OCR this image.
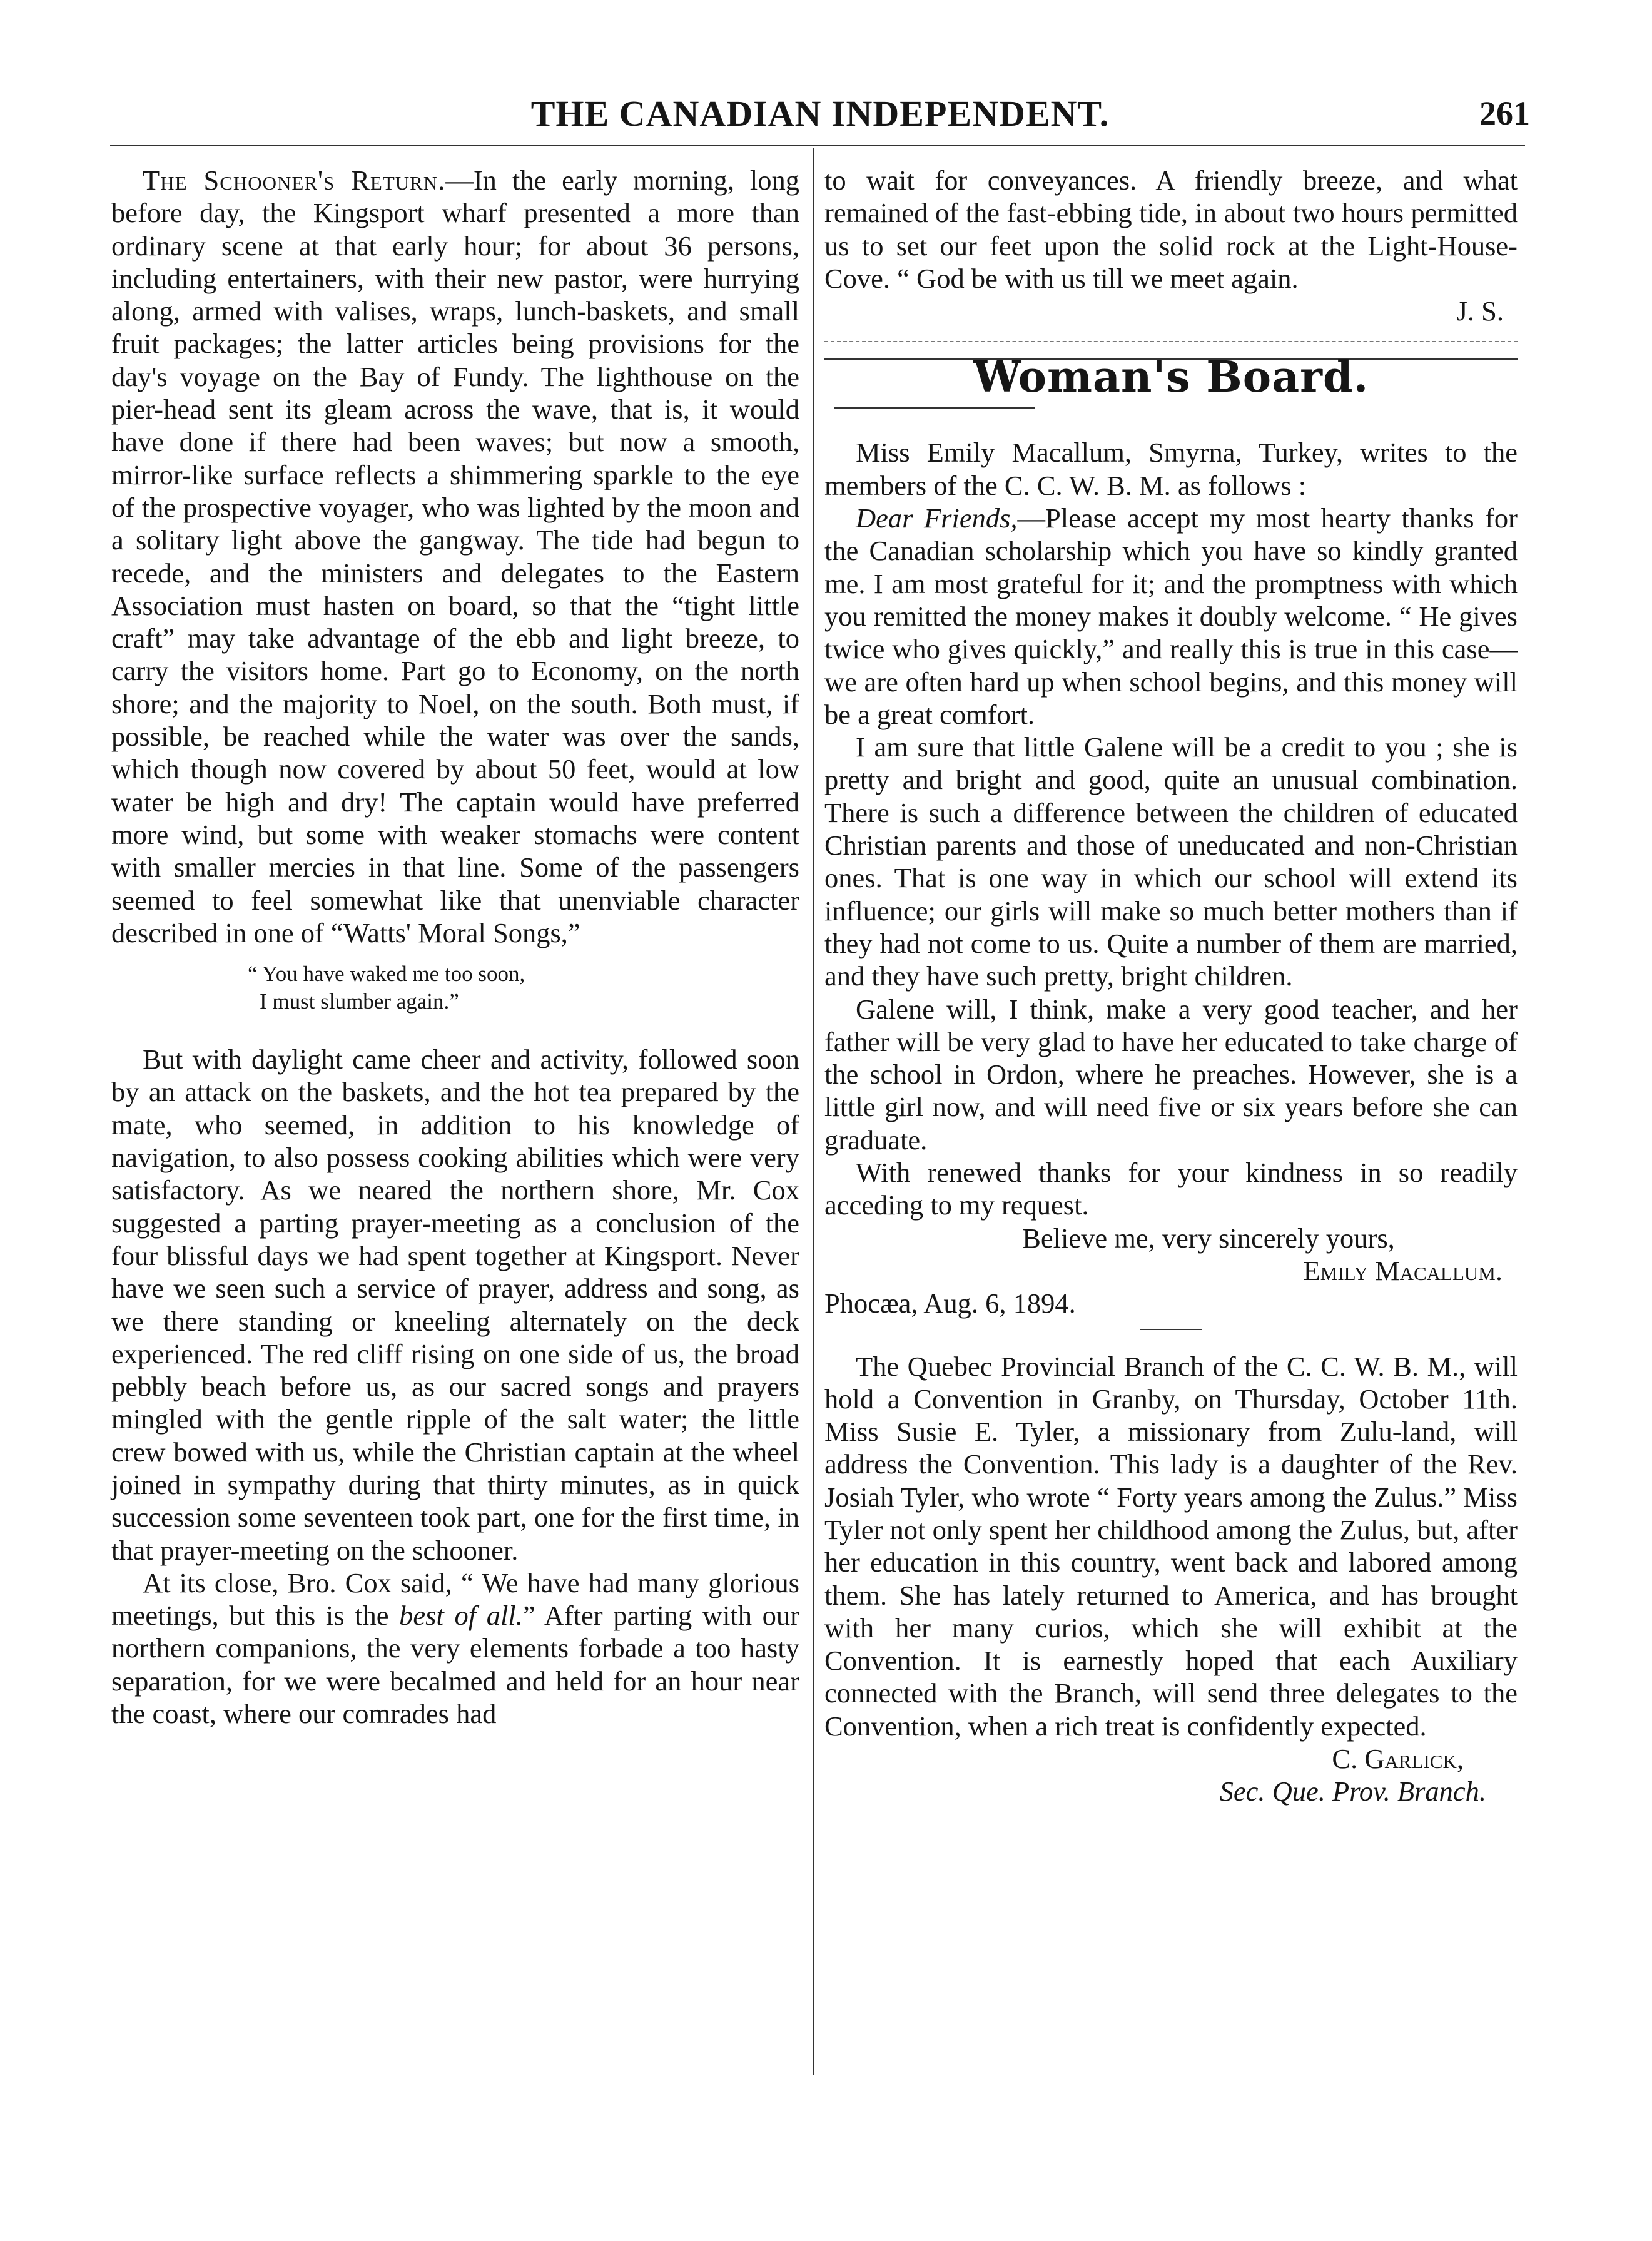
THE CANADIAN INDEPENDENT.	261

The Schooner's Return.—In the early morning, long before day, the Kingsport wharf presented a more than ordinary scene at that early hour; for about 36 persons, including entertainers, with their new pastor, were hurrying along, armed with valises, wraps, lunch-baskets, and small fruit packages; the latter articles being provisions for the day's voyage on the Bay of Fundy. The lighthouse on the pier-head sent its gleam across the wave, that is, it would have done if there had been waves; but now a smooth, mirror-like surface reflects a shimmering sparkle to the eye of the prospective voyager, who was lighted by the moon and a solitary light above the gangway. The tide had begun to recede, and the ministers and delegates to the Eastern Association must hasten on board, so that the “tight little craft” may take advantage of the ebb and light breeze, to carry the visitors home. Part go to Economy, on the north shore; and the majority to Noel, on the south. Both must, if possible, be reached while the water was over the sands, which though now covered by about 50 feet, would at low water be high and dry! The captain would have preferred more wind, but some with weaker stomachs were content with smaller mercies in that line. Some of the passengers seemed to feel somewhat like that unenviable character described in one of “Watts' Moral Songs,”

“ You have waked me too soon,
I must slumber again.”

But with daylight came cheer and activity, followed soon by an attack on the baskets, and the hot tea prepared by the mate, who seemed, in addition to his knowledge of navigation, to also possess cooking abilities which were very satisfactory. As we neared the northern shore, Mr. Cox suggested a parting prayer-meeting as a conclusion of the four blissful days we had spent together at Kingsport. Never have we seen such a service of prayer, address and song, as we there standing or kneeling alternately on the deck experienced. The red cliff rising on one side of us, the broad pebbly beach before us, as our sacred songs and prayers mingled with the gentle ripple of the salt water; the little crew bowed with us, while the Christian captain at the wheel joined in sympathy during that thirty minutes, as in quick succession some seventeen took part, one for the first time, in that prayer-meeting on the schooner.

At its close, Bro. Cox said, “ We have had many glorious meetings, but this is the best of all.” After parting with our northern companions, the very elements forbade a too hasty separation, for we were becalmed and held for an hour near the coast, where our comrades had

to wait for conveyances. A friendly breeze, and what remained of the fast-ebbing tide, in about two hours permitted us to set our feet upon the solid rock at the Light-House-Cove. “ God be with us till we meet again.

J. S.
Woman's Board.

Miss Emily Macallum, Smyrna, Turkey, writes to the members of the C. C. W. B. M. as follows :

Dear Friends,—Please accept my most hearty thanks for the Canadian scholarship which you have so kindly granted me. I am most grateful for it; and the promptness with which you remitted the money makes it doubly welcome. “ He gives twice who gives quickly,” and really this is true in this case—we are often hard up when school begins, and this money will be a great comfort.

I am sure that little Galene will be a credit to you ; she is pretty and bright and good, quite an unusual combination. There is such a difference between the children of educated Christian parents and those of uneducated and non-Christian ones. That is one way in which our school will extend its influence; our girls will make so much better mothers than if they had not come to us. Quite a number of them are married, and they have such pretty, bright children.

Galene will, I think, make a very good teacher, and her father will be very glad to have her educated to take charge of the school in Ordon, where he preaches. However, she is a little girl now, and will need five or six years before she can graduate.

With renewed thanks for your kindness in so readily acceding to my request.

Believe me, very sincerely yours,

Emily Macallum.

Phocæa, Aug. 6, 1894.

The Quebec Provincial Branch of the C. C. W. B. M., will hold a Convention in Granby, on Thursday, October 11th. Miss Susie E. Tyler, a missionary from Zulu-land, will address the Convention. This lady is a daughter of the Rev. Josiah Tyler, who wrote “ Forty years among the Zulus.” Miss Tyler not only spent her childhood among the Zulus, but, after her education in this country, went back and labored among them. She has lately returned to America, and has brought with her many curios, which she will exhibit at the Convention. It is earnestly hoped that each Auxiliary connected with the Branch, will send three delegates to the Convention, when a rich treat is confidently expected.

C. Garlick,

Sec. Que. Prov. Branch.
